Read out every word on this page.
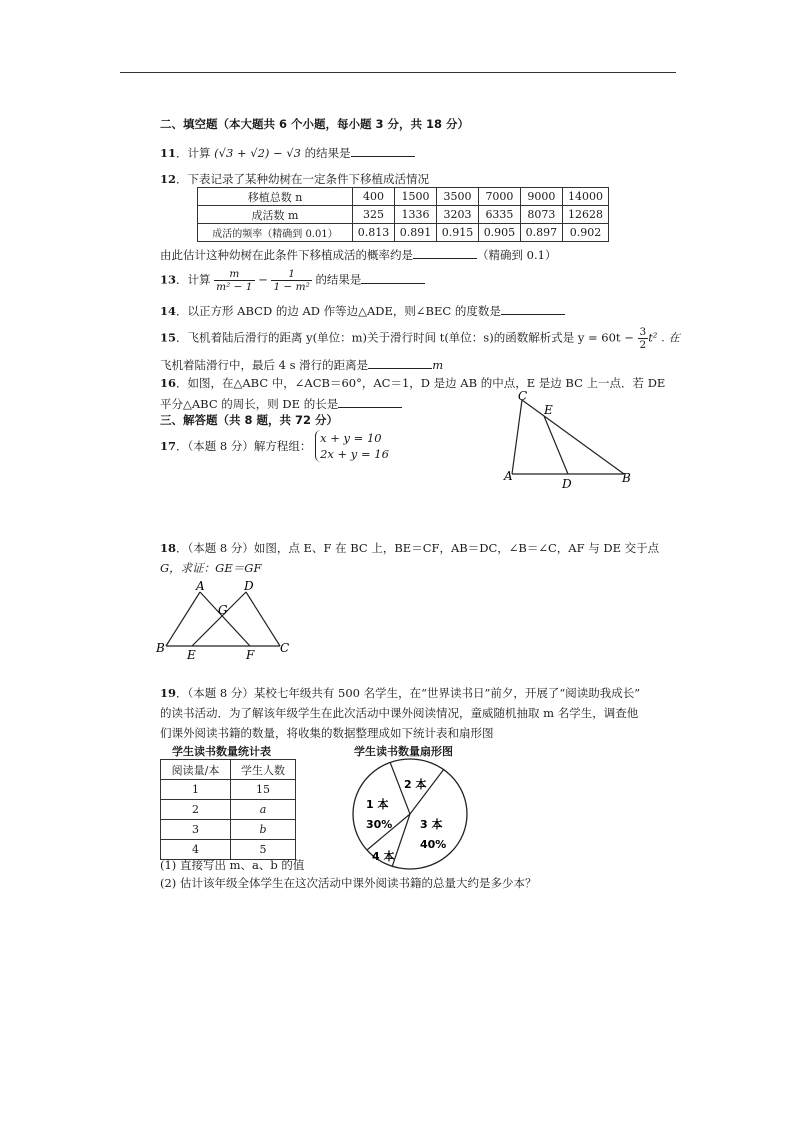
二、填空题（本大题共 6 个小题，每小题 3 分，共 18 分）
11．计算 (√3 + √2) − √3 的结果是
12．下表记录了某种幼树在一定条件下移植成活情况
移植总数 n	400	1500	3500	7000	9000	14000
成活数 m	325	1336	3203	6335	8073	12628
成活的频率（精确到 0.01）	0.813	0.891	0.915	0.905	0.897	0.902
由此估计这种幼树在此条件下移植成活的概率约是	（精确到 0.1）
13．计算 $\frac{m}{\text{m² − 1}} - \frac{1}{\text{1 − m²}}$ 的结果是
14．以正方形 ABCD 的边 AD 作等边△ADE，则∠BEC 的度数是
15．飞机着陆后滑行的距离 y(单位：m)关于滑行时间 t(单位：s)的函数解析式是 $y = 60t - \frac{3}{2} t^2$ . 在
飞机着陆滑行中，最后 4 s 滑行的距离是	m
16．如图，在△ABC 中，∠ACB＝60°，AC＝1，D 是边 AB 的中点，E 是边 BC 上一点．若 DE
平分△ABC 的周长，则 DE 的长是
C
E
A
D	B
三、解答题（共 8 题，共 72 分）
17．（本题 8 分）解方程组：
x + y = 10
2x + y = 16
18．（本题 8 分）如图，点 E、F 在 BC 上，BE＝CF，AB＝DC，∠B＝∠C，AF 与 DE 交于点
G，求证：GE＝GF
A	D
G
B E	F C
19．（本题 8 分）某校七年级共有 500 名学生，在“世界读书日”前夕，开展了“阅读助我成长”
的读书活动．为了解该年级学生在此次活动中课外阅读情况，童威随机抽取 m 名学生，调查他
们课外阅读书籍的数量，将收集的数据整理成如下统计表和扇形图
学生读书数量统计表	学生读书数量扇形图
阅读量/本	学生人数
1	15
2	a
3	b
4	5
2 本
1 本
30%	3 本
40%
4 本
(1) 直接写出 m、a、b 的值
(2) 估计该年级全体学生在这次活动中课外阅读书籍的总量大约是多少本？
